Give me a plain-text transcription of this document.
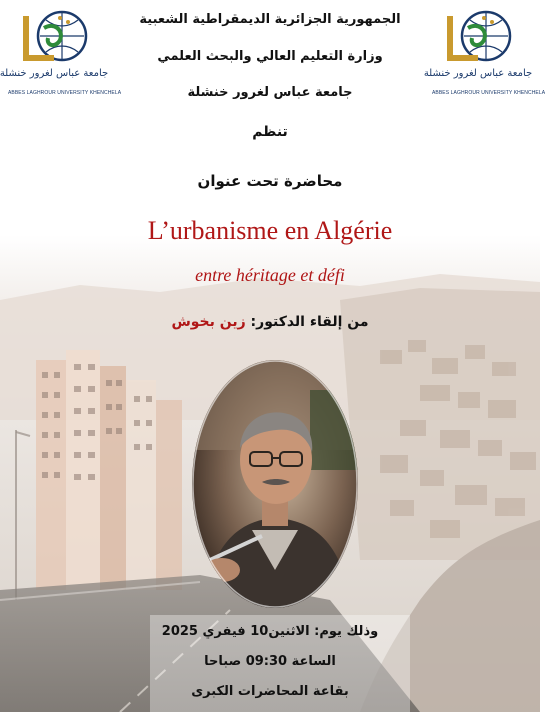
جامعة عباس لغرور خنشلة
ABBES LAGHROUR UNIVERSITY KHENCHELA
جامعة عباس لغرور خنشلة
ABBES LAGHROUR UNIVERSITY KHENCHELA
الجمهورية الجزائرية الديمقراطية الشعبية
وزارة التعليم العالي والبحث العلمي
جامعة عباس لغرور خنشلة
تنظم
محاضرة تحت عنوان
L’urbanisme en Algérie
entre héritage et défi
من إلقاء الدكتور: زين بخوش
وذلك يوم: الاثنين10 فيفري 2025
الساعة 09:30 صباحا
بقاعة المحاضرات الكبرى
